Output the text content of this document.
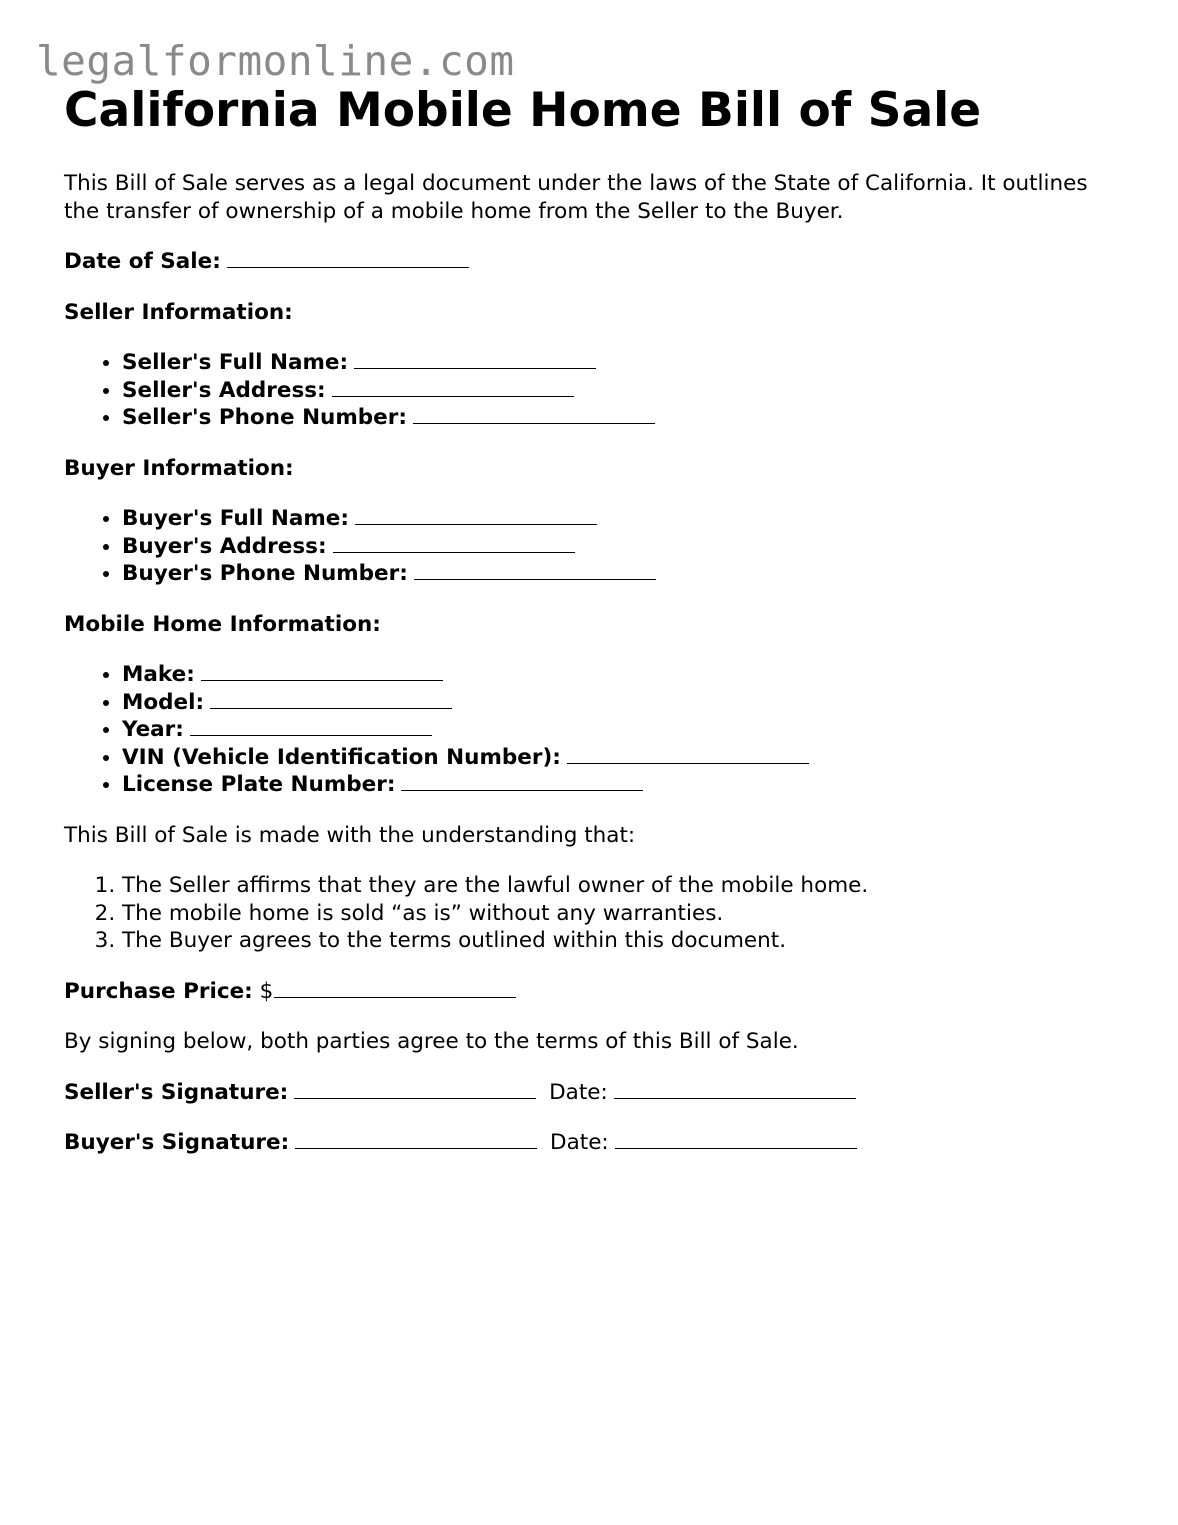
legalformonline.com
California Mobile Home Bill of Sale

This Bill of Sale serves as a legal document under the laws of the State of California. It outlines the transfer of ownership of a mobile home from the Seller to the Buyer.

Date of Sale:

Seller Information:

• Seller's Full Name:
• Seller's Address:
• Seller's Phone Number:

Buyer Information:

• Buyer's Full Name:
• Buyer's Address:
• Buyer's Phone Number:

Mobile Home Information:

• Make:
• Model:
• Year:
• VIN (Vehicle Identification Number):
• License Plate Number:

This Bill of Sale is made with the understanding that:

1. The Seller affirms that they are the lawful owner of the mobile home.
2. The mobile home is sold “as is” without any warranties.
3. The Buyer agrees to the terms outlined within this document.

Purchase Price: $

By signing below, both parties agree to the terms of this Bill of Sale.

Seller's Signature:	Date:

Buyer's Signature:	Date:
